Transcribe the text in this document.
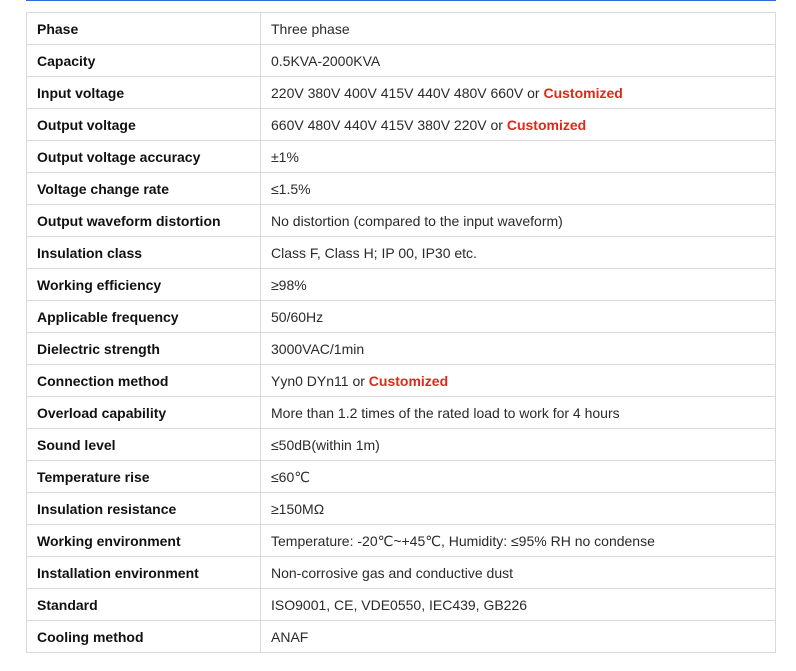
Phase	Three phase
Capacity	0.5KVA-2000KVA
Input voltage	220V 380V 400V 415V 440V 480V 660V or Customized
Output voltage	660V 480V 440V 415V 380V 220V or Customized
Output voltage accuracy	±1%
Voltage change rate	≤1.5%
Output waveform distortion	No distortion (compared to the input waveform)
Insulation class	Class F, Class H; IP 00, IP30 etc.
Working efficiency	≥98%
Applicable frequency	50/60Hz
Dielectric strength	3000VAC/1min
Connection method	Yyn0 DYn11 or Customized
Overload capability	More than 1.2 times of the rated load to work for 4 hours
Sound level	≤50dB(within 1m)
Temperature rise	≤60℃
Insulation resistance	≥150MΩ
Working environment	Temperature: -20℃~+45℃, Humidity: ≤95% RH no condense
Installation environment	Non-corrosive gas and conductive dust
Standard	ISO9001, CE, VDE0550, IEC439, GB226
Cooling method	ANAF
